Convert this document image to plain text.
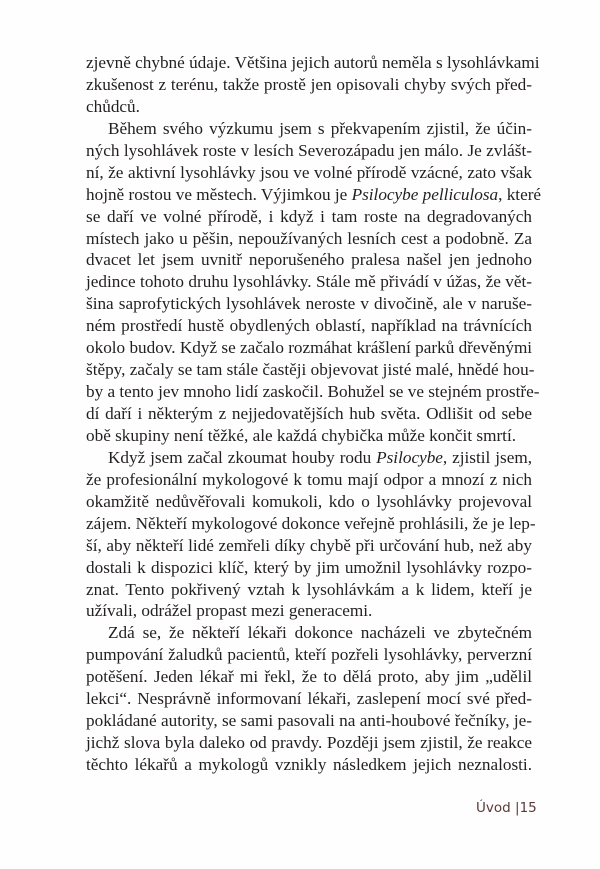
zjevně chybné údaje. Většina jejich autorů neměla s lysohlávkami
zkušenost z terénu, takže prostě jen opisovali chyby svých před-
chůdců.
Během svého výzkumu jsem s překvapením zjistil, že účin-
ných lysohlávek roste v lesích Severozápadu jen málo. Je zvlášt-
ní, že aktivní lysohlávky jsou ve volné přírodě vzácné, zato však
hojně rostou ve městech. Výjimkou je Psilocybe pelliculosa, které
se daří ve volné přírodě, i když i tam roste na degradovaných
místech jako u pěšin, nepoužívaných lesních cest a podobně. Za
dvacet let jsem uvnitř neporušeného pralesa našel jen jednoho
jedince tohoto druhu lysohlávky. Stále mě přivádí v úžas, že vět-
šina saprofytických lysohlávek neroste v divočině, ale v naruše-
ném prostředí hustě obydlených oblastí, například na trávnících
okolo budov. Když se začalo rozmáhat krášlení parků dřevěnými
štěpy, začaly se tam stále častěji objevovat jisté malé, hnědé hou-
by a tento jev mnoho lidí zaskočil. Bohužel se ve stejném prostře-
dí daří i některým z nejjedovatějších hub světa. Odlišit od sebe
obě skupiny není těžké, ale každá chybička může končit smrtí.
Když jsem začal zkoumat houby rodu Psilocybe, zjistil jsem,
že profesionální mykologové k tomu mají odpor a mnozí z nich
okamžitě nedůvěřovali komukoli, kdo o lysohlávky projevoval
zájem. Někteří mykologové dokonce veřejně prohlásili, že je lep-
ší, aby někteří lidé zemřeli díky chybě při určování hub, než aby
dostali k dispozici klíč, který by jim umožnil lysohlávky rozpo-
znat. Tento pokřivený vztah k lysohlávkám a k lidem, kteří je
užívali, odrážel propast mezi generacemi.
Zdá se, že někteří lékaři dokonce nacházeli ve zbytečném
pumpování žaludků pacientů, kteří pozřeli lysohlávky, perverzní
potěšení. Jeden lékař mi řekl, že to dělá proto, aby jim „udělil
lekci“. Nesprávně informovaní lékaři, zaslepení mocí své před-
pokládané autority, se sami pasovali na anti-houbové řečníky, je-
jichž slova byla daleko od pravdy. Později jsem zjistil, že reakce
těchto lékařů a mykologů vznikly následkem jejich neznalosti.
Úvod |15
